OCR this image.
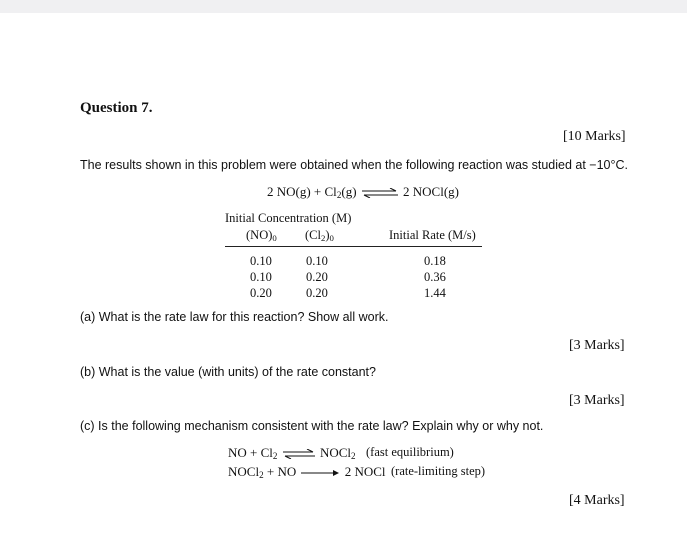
Question 7.
[10 Marks]
The results shown in this problem were obtained when the following reaction was studied at −10°C.
2 $NO(g) + Cl_2(g)$ ⇌ 2 NOCl(g)
Initial Concentration (M)
$(NO)_0$ $(Cl_2)_0$	Initial Rate (M/s)
0.10	0.10	0.18
0.10	0.20	0.36
0.20	0.20	1.44
(a) What is the rate law for this reaction? Show all work.
[3 Marks]
(b) What is the value (with units) of the rate constant?
[3 Marks]
(c) Is the following mechanism consistent with the rate law? Explain why or why not.
NO + $Cl_2$ ⇌ NOCl$_2$ (fast equilibrium)
NOCl$_2$ + NO	2 NOCl (rate-limiting step)
[4 Marks]
